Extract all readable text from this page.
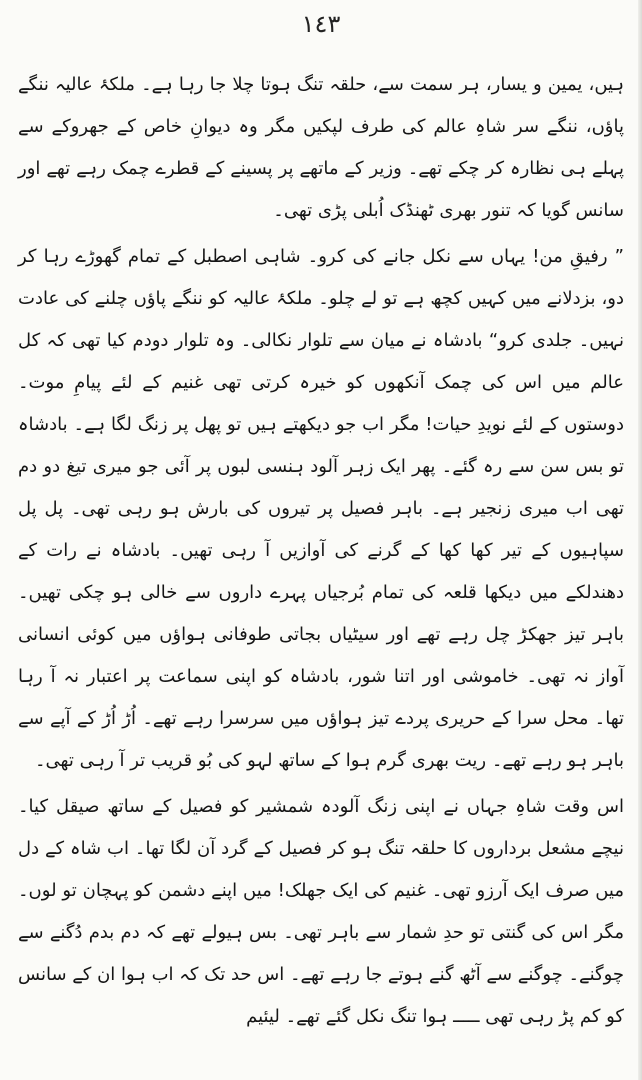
١٤٣

ہیں، یمین و یسار، ہر سمت سے، حلقہ تنگ ہوتا چلا جا رہا ہے۔ ملکۂ عالیہ ننگے پاؤں، ننگے سر شاہِ عالم کی طرف لپکیں مگر وہ دیوانِ خاص کے جھروکے سے پہلے ہی نظارہ کر چکے تھے۔ وزیر کے ماتھے پر پسینے کے قطرے چمک رہے تھے اور سانس گویا کہ تنور بھری ٹھنڈک اُبلی پڑی تھی۔

” رفیقِ من! یہاں سے نکل جانے کی کرو۔ شاہی اصطبل کے تمام گھوڑے رہا کر دو، بزدلانے میں کہیں کچھ ہے تو لے چلو۔ ملکۂ عالیہ کو ننگے پاؤں چلنے کی عادت نہیں۔ جلدی کرو“ بادشاہ نے میان سے تلوار نکالی۔ وہ تلوار دودم کیا تھی کہ کل عالم میں اس کی چمک آنکھوں کو خیرہ کرتی تھی غنیم کے لئے پیامِ موت۔ دوستوں کے لئے نویدِ حیات! مگر اب جو دیکھتے ہیں تو پھل پر زنگ لگا ہے۔ بادشاہ تو بس سن سے رہ گئے۔ پھر ایک زہر آلود ہنسی لبوں پر آئی جو میری تیغ دو دم تھی اب میری زنجیر ہے۔ باہر فصیل پر تیروں کی بارش ہو رہی تھی۔ پل پل سپاہیوں کے تیر کھا کھا کے گرنے کی آوازیں آ رہی تھیں۔ بادشاہ نے رات کے دھندلکے میں دیکھا قلعہ کی تمام بُرجیاں پہرے داروں سے خالی ہو چکی تھیں۔ باہر تیز جھکڑ چل رہے تھے اور سیٹیاں بجاتی طوفانی ہواؤں میں کوئی انسانی آواز نہ تھی۔ خاموشی اور اتنا شور، بادشاہ کو اپنی سماعت پر اعتبار نہ آ رہا تھا۔ محل سرا کے حریری پردے تیز ہواؤں میں سرسرا رہے تھے۔ اُڑ اُڑ کے آپے سے باہر ہو رہے تھے۔ ریت بھری گرم ہوا کے ساتھ لہو کی بُو قریب تر آ رہی تھی۔

اس وقت شاہِ جہاں نے اپنی زنگ آلودہ شمشیر کو فصیل کے ساتھ صیقل کیا۔ نیچے مشعل برداروں کا حلقہ تنگ ہو کر فصیل کے گرد آن لگا تھا۔ اب شاہ کے دل میں صرف ایک آرزو تھی۔ غنیم کی ایک جھلک! میں اپنے دشمن کو پہچان تو لوں۔ مگر اس کی گنتی تو حدِ شمار سے باہر تھی۔ بس ہیولے تھے کہ دم بدم دُگنے سے چوگنے۔ چوگنے سے آٹھ گنے ہوتے جا رہے تھے۔ اس حد تک کہ اب ہوا ان کے سانس کو کم پڑ رہی تھی ـــــ ہوا تنگ نکل گئے تھے۔ لیئیم
